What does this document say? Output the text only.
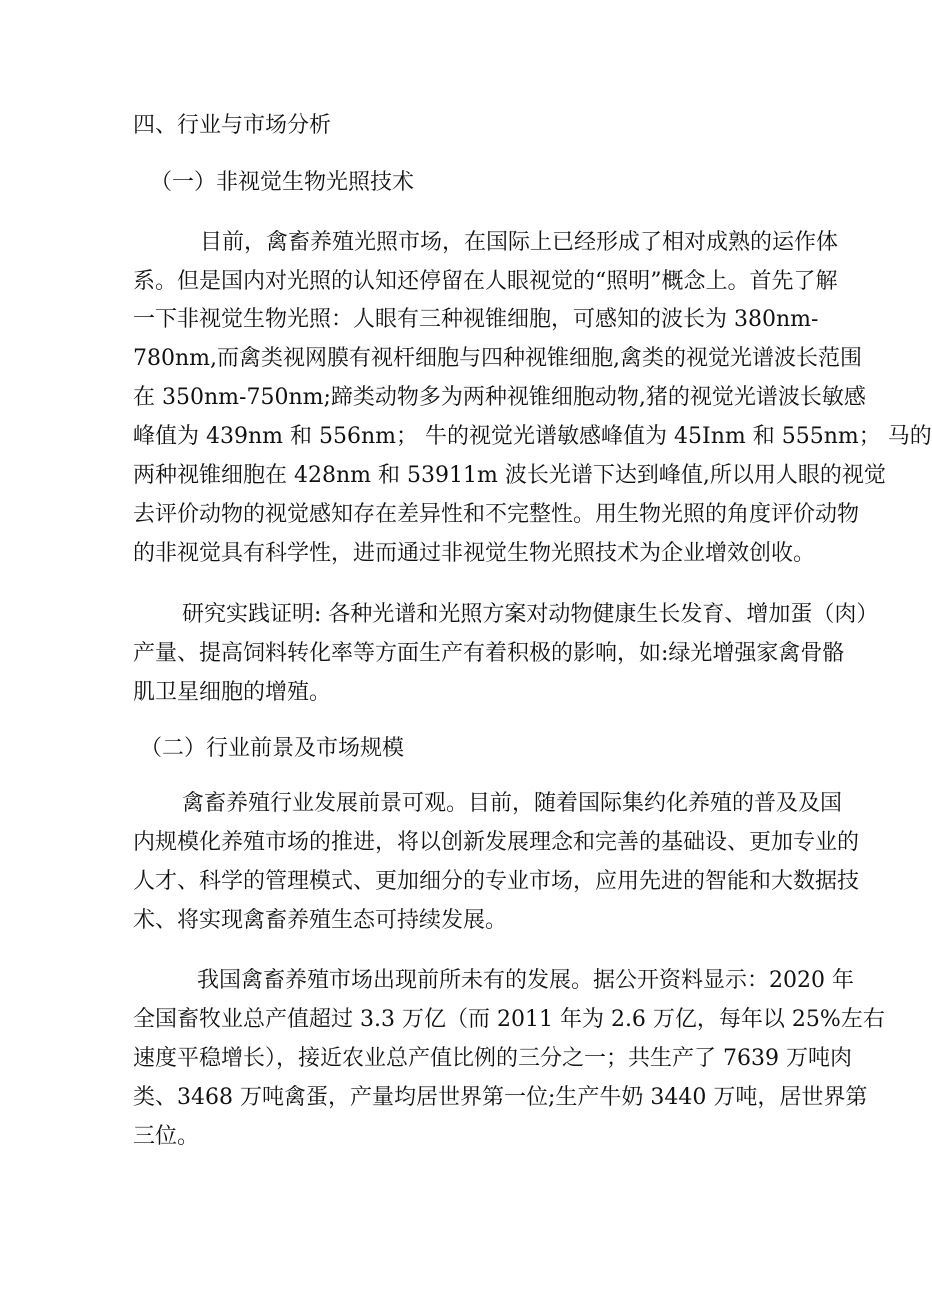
四、行业与市场分析
（一）非视觉生物光照技术
目前，禽畜养殖光照市场，在国际上已经形成了相对成熟的运作体
系。但是国内对光照的认知还停留在人眼视觉的“照明”概念上。首先了解
一下非视觉生物光照：人眼有三种视锥细胞，可感知的波长为 380nm-
780nm,而禽类视网膜有视杆细胞与四种视锥细胞,禽类的视觉光谱波长范围
在 350nm-750nm;蹄类动物多为两种视锥细胞动物,猪的视觉光谱波长敏感
峰值为 439nm 和 556nm； 牛的视觉光谱敏感峰值为 45Inm 和 555nm； 马的
两种视锥细胞在 428nm 和 53911m 波长光谱下达到峰值,所以用人眼的视觉
去评价动物的视觉感知存在差异性和不完整性。用生物光照的角度评价动物
的非视觉具有科学性，进而通过非视觉生物光照技术为企业增效创收。
研究实践证明: 各种光谱和光照方案对动物健康生长发育、增加蛋（肉）
产量、提高饲料转化率等方面生产有着积极的影响，如:绿光增强家禽骨骼
肌卫星细胞的增殖。
（二）行业前景及市场规模
禽畜养殖行业发展前景可观。目前，随着国际集约化养殖的普及及国
内规模化养殖市场的推进，将以创新发展理念和完善的基础设、更加专业的
人才、科学的管理模式、更加细分的专业市场，应用先进的智能和大数据技
术、将实现禽畜养殖生态可持续发展。
我国禽畜养殖市场出现前所未有的发展。据公开资料显示：2020 年
全国畜牧业总产值超过 3.3 万亿（而 2011 年为 2.6 万亿，每年以 25%左右
速度平稳增长），接近农业总产值比例的三分之一；共生产了 7639 万吨肉
类、3468 万吨禽蛋，产量均居世界第一位;生产牛奶 3440 万吨，居世界第
三位。
